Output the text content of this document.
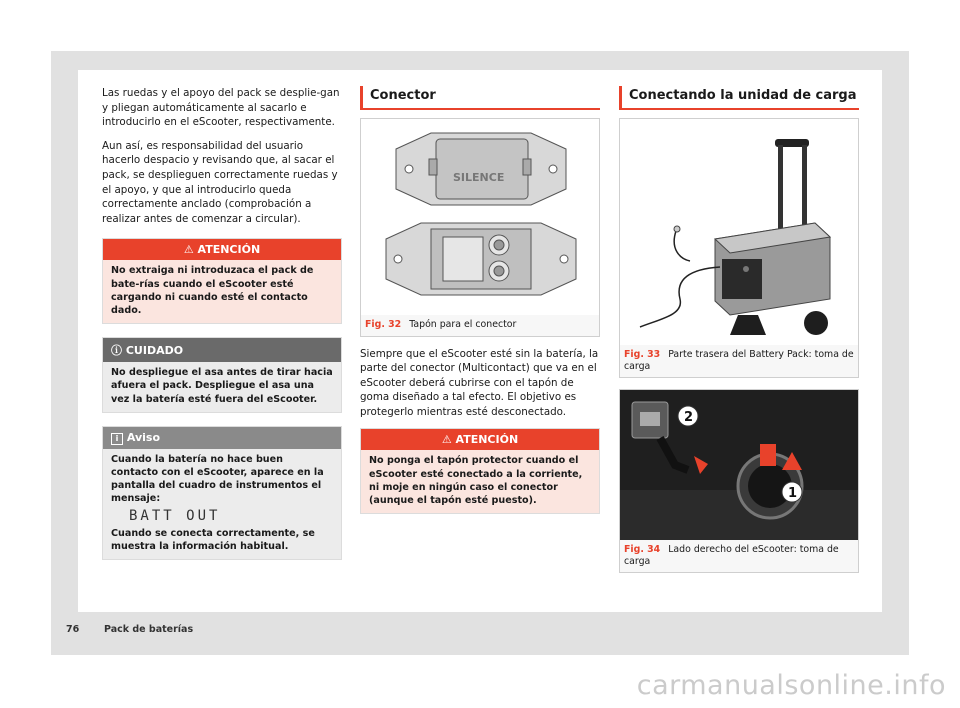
Las ruedas y el apoyo del pack se desplie-gan y pliegan automáticamente al sacarlo e introducirlo en el eScooter, respectivamente.

Aun así, es responsabilidad del usuario hacerlo despacio y revisando que, al sacar el pack, se desplieguen correctamente ruedas y el apoyo, y que al introducirlo queda correctamente anclado (comprobación a realizar antes de comenzar a circular).

⚠ ATENCIÓN
No extraiga ni introduzaca el pack de bate-rías cuando el eScooter esté cargando ni cuando esté el contacto dado.
ⓘ CUIDADO
No despliegue el asa antes de tirar hacia afuera el pack. Despliegue el asa una vez la batería esté fuera del eScooter.
i Aviso
Cuando la batería no hace buen contacto con el eScooter, aparece en la pantalla del cuadro de instrumentos el mensaje:
BATT OUT
Cuando se conecta correctamente, se muestra la información habitual.
Conector
SILENCE
Fig. 32 Tapón para el conector

Siempre que el eScooter esté sin la batería, la parte del conector (Multicontact) que va en el eScooter deberá cubrirse con el tapón de goma diseñado a tal efecto. El objetivo es protegerlo mientras esté desconectado.

⚠ ATENCIÓN
No ponga el tapón protector cuando el eScooter esté conectado a la corriente, ni moje en ningún caso el conector (aunque el tapón esté puesto).
Conectando la unidad de carga
Fig. 33 Parte trasera del Battery Pack: toma de carga
2
1
Fig. 34 Lado derecho del eScooter: toma de carga
76	Pack de baterías
carmanualsonline.info
